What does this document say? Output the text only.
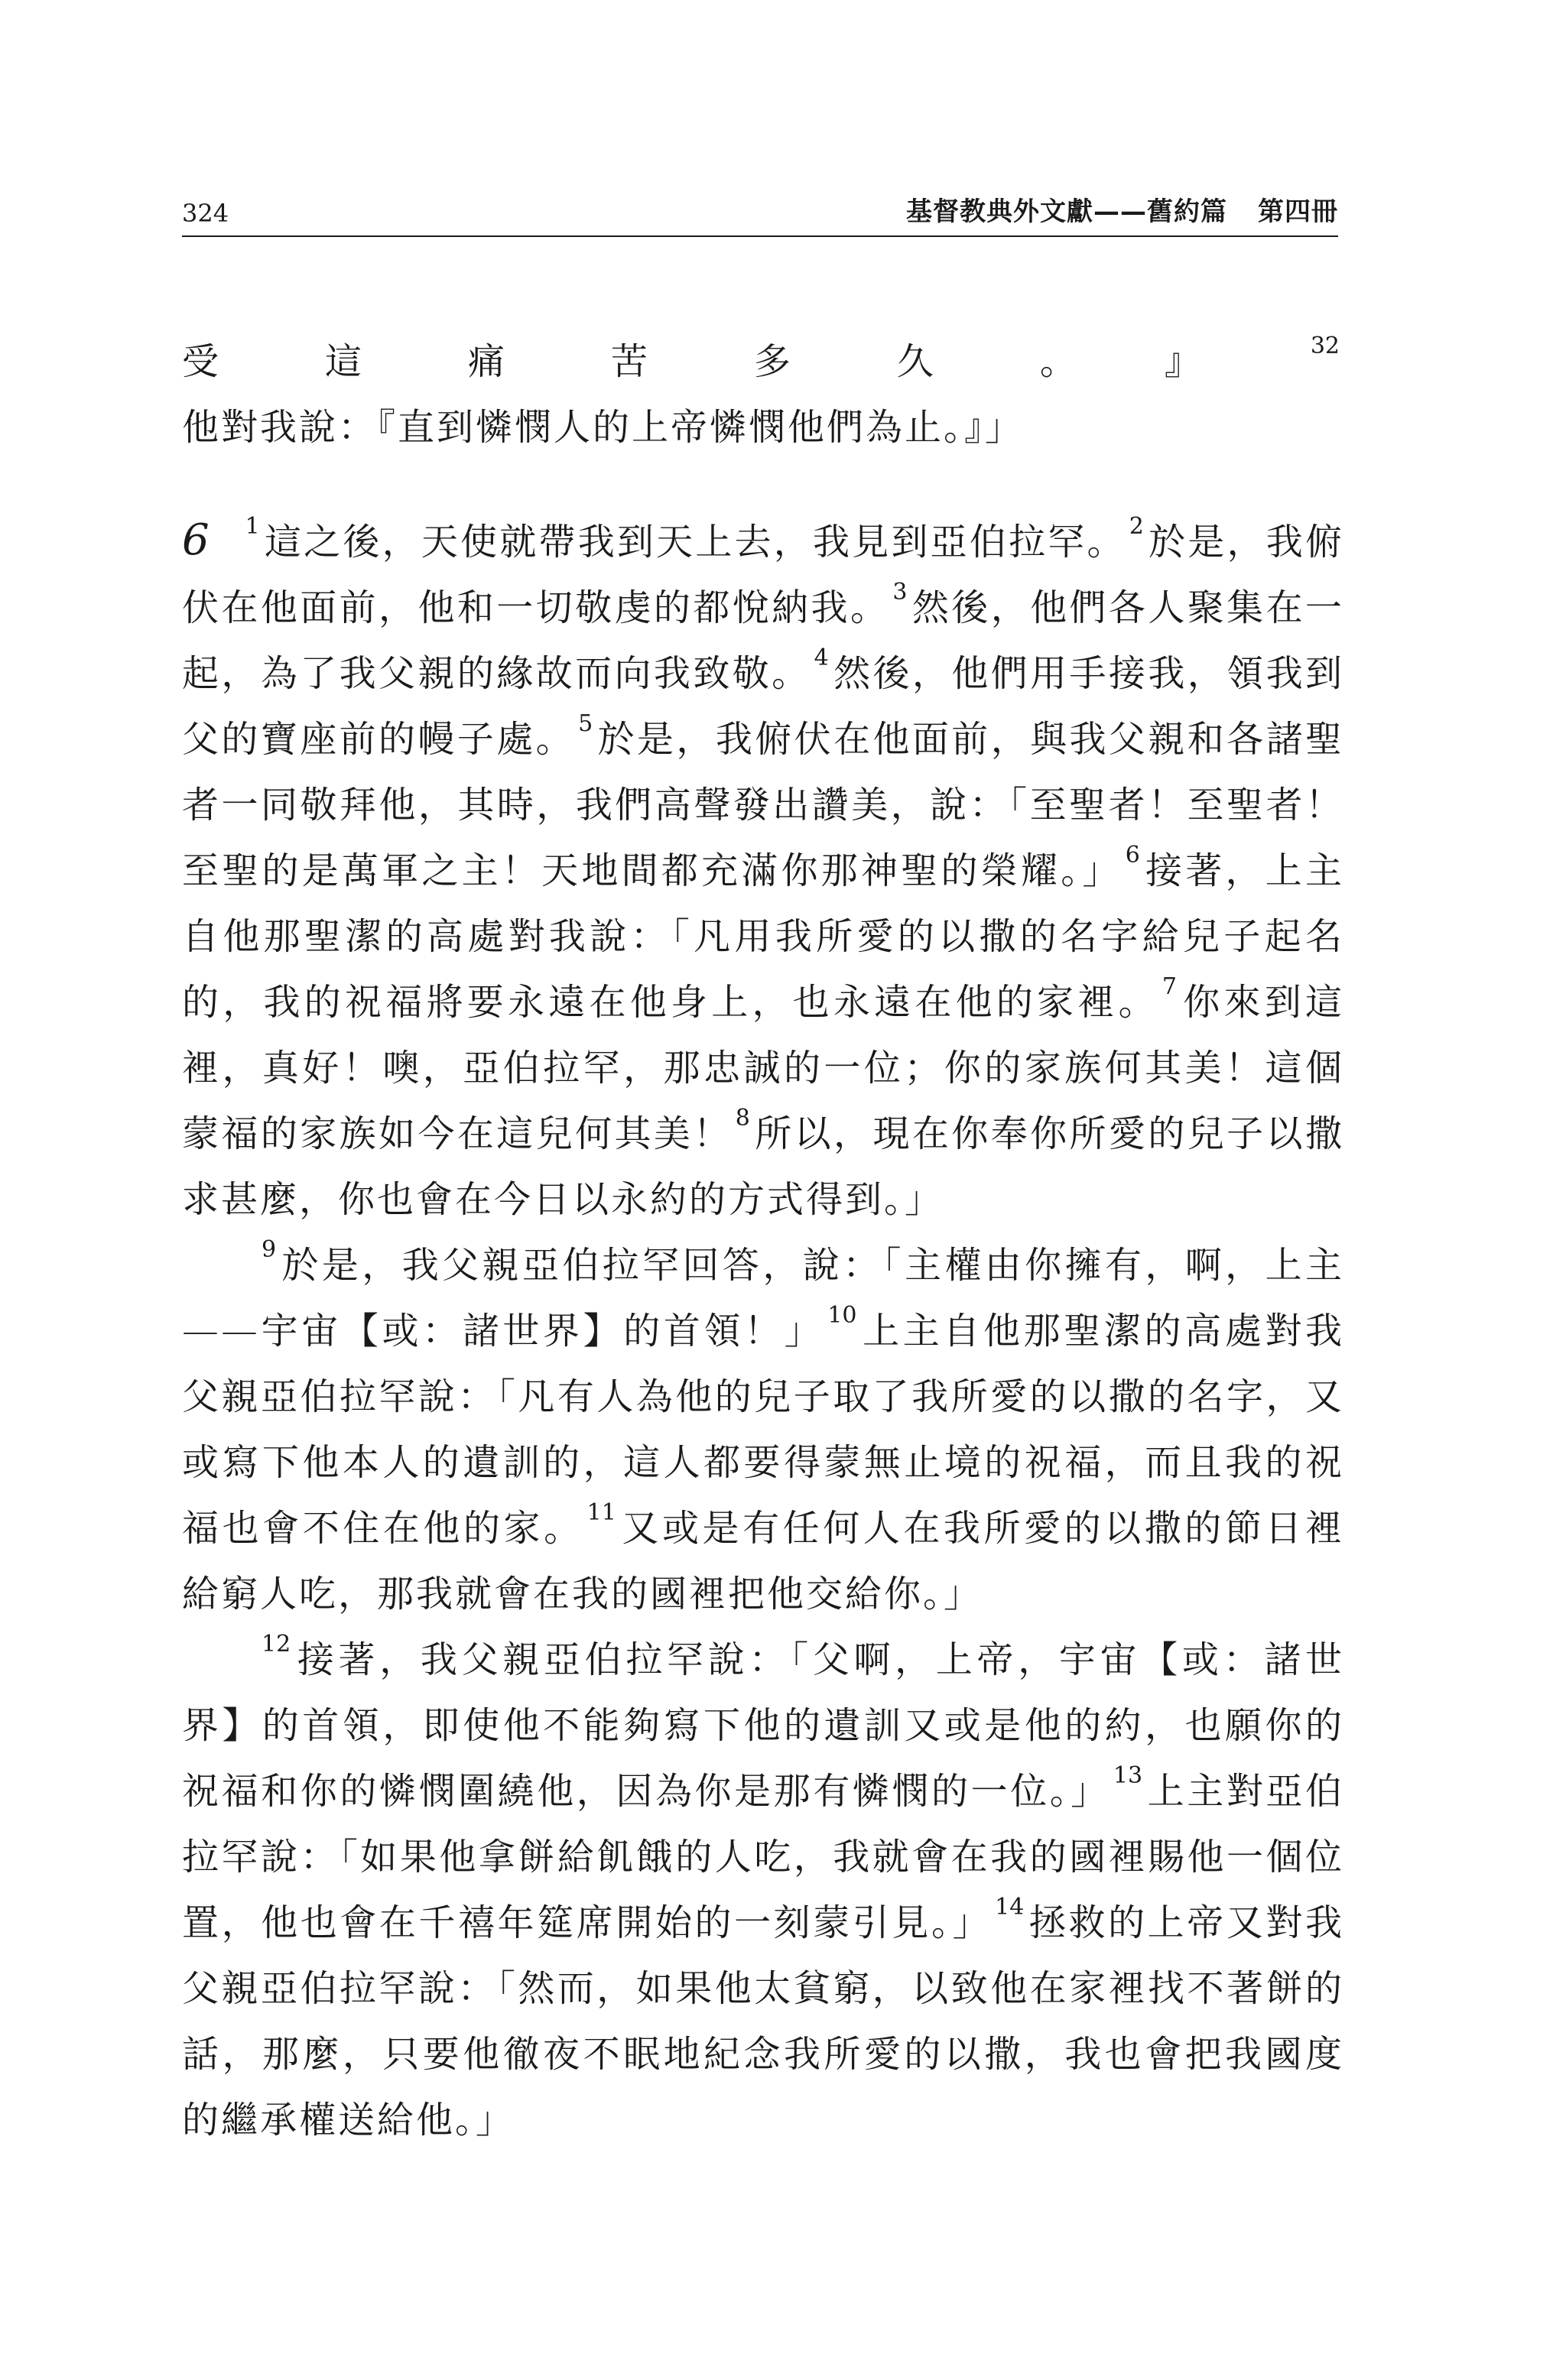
324	基督教典外文獻——舊約篇 第四冊

受這痛苦多久。』 $^{32}$他對我說：『直到憐憫人的上帝憐憫他們為止。』」

6 $^1$ 這之後，天使就帶我到天上去，我見到亞伯拉罕。 $^2$ 於是，我俯伏在他面前，他和一切敬虔的都悅納我。 $^3$ 然後，他們各人聚集在一起，為了我父親的緣故而向我致敬。 $^4$ 然後，他們用手接我，領我到父的寶座前的幔子處。 $^5$ 於是，我俯伏在他面前，與我父親和各諸聖者一同敬拜他，其時，我們高聲發出讚美，說：「至聖者！至聖者！至聖的是萬軍之主！天地間都充滿你那神聖的榮耀。」 $^6$ 接著，上主自他那聖潔的高處對我說：「凡用我所愛的以撒的名字給兒子起名的，我的祝福將要永遠在他身上，也永遠在他的家裡。 $^7$ 你來到這裡，真好！噢，亞伯拉罕，那忠誠的一位；你的家族何其美！這個蒙福的家族如今在這兒何其美！ $^8$ 所以，現在你奉你所愛的兒子以撒求甚麼，你也會在今日以永約的方式得到。」

$^9$ 於是，我父親亞伯拉罕回答，說：「主權由你擁有，啊，上主——宇宙【或：諸世界】的首領！」 $^{10}$ 上主自他那聖潔的高處對我父親亞伯拉罕說：「凡有人為他的兒子取了我所愛的以撒的名字，又或寫下他本人的遺訓的，這人都要得蒙無止境的祝福，而且我的祝福也會不住在他的家。 $^{11}$ 又或是有任何人在我所愛的以撒的節日裡給窮人吃，那我就會在我的國裡把他交給你。」

$^{12}$ 接著，我父親亞伯拉罕說：「父啊，上帝，宇宙【或：諸世界】的首領，即使他不能夠寫下他的遺訓又或是他的約，也願你的祝福和你的憐憫圍繞他，因為你是那有憐憫的一位。」 $^{13}$ 上主對亞伯拉罕說：「如果他拿餅給飢餓的人吃，我就會在我的國裡賜他一個位置，他也會在千禧年筵席開始的一刻蒙引見。」 $^{14}$ 拯救的上帝又對我父親亞伯拉罕說：「然而，如果他太貧窮，以致他在家裡找不著餅的話，那麼，只要他徹夜不眠地紀念我所愛的以撒，我也會把我國度的繼承權送給他。」
